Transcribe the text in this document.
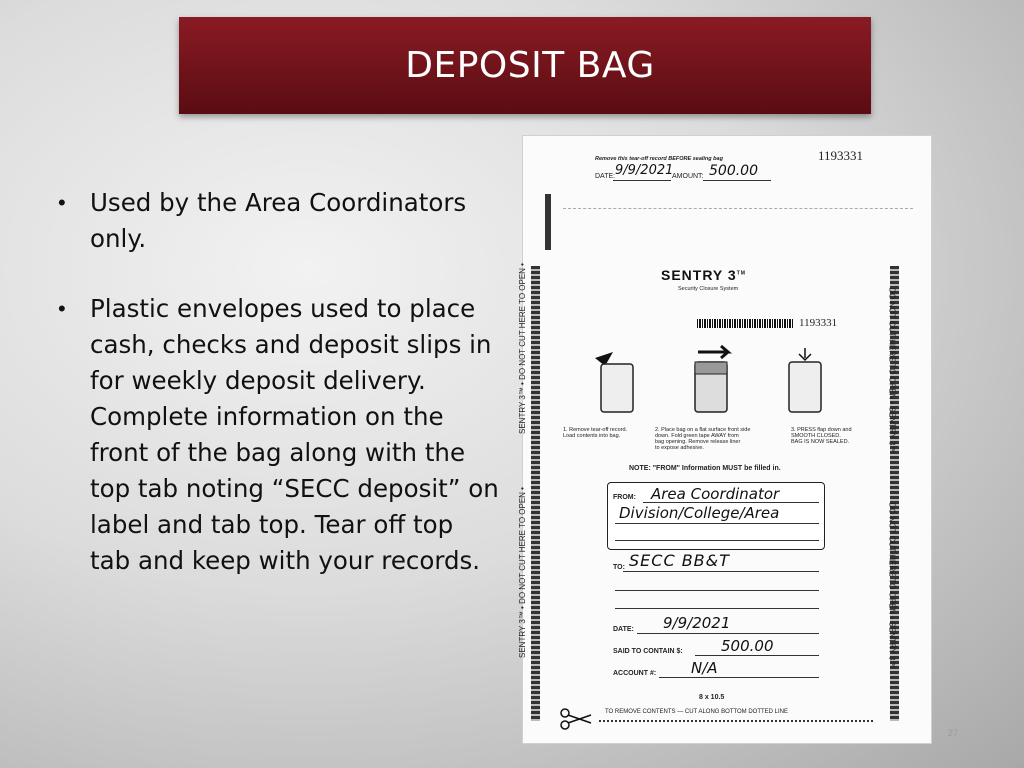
DEPOSIT BAG
• Used by the Area Coordinators
only.
• Plastic envelopes used to place
cash, checks and deposit slips in
for weekly deposit delivery.
Complete information on the
front of the bag along with the
top tab noting “SECC deposit” on
label and tab top. Tear off top
tab and keep with your records.
Remove this tear-off record BEFORE sealing bag	1193331
DATE: 9/9/2021
AMOUNT: 500.00
SENTRY 3™ • DO NOT CUT HERE TO OPEN •
SENTRY 3™ • DO NOT CUT HERE TO OPEN •
DO NOT CUT HERE TO OPEN • SENTRY 3™
DO NOT CUT HERE TO OPEN • SENTRY 3™
SENTRY 3™
Security Closure System
1193331
1. Remove tear-off record.
Load contents into bag.
2. Place bag on a flat surface front side
down. Fold green tape AWAY from
bag opening. Remove release liner
to expose adhesive.
3. PRESS flap down and
SMOOTH CLOSED.
BAG IS NOW SEALED.
NOTE: "FROM" Information MUST be filled in.
FROM: Area Coordinator
Division/College/Area
TO: SECC BB&T
DATE: 9/9/2021
SAID TO CONTAIN $:	500.00
ACCOUNT #: N/A
8 x 10.5
TO REMOVE CONTENTS — CUT ALONG BOTTOM DOTTED LINE
27
